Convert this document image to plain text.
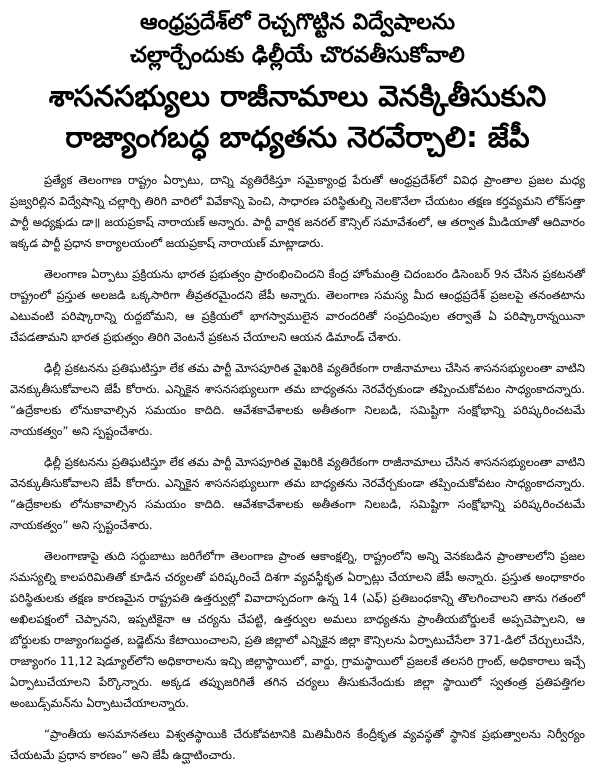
ఆంధ్రప్రదేశ్‌లో రెచ్చగొట్టిన విద్వేషాలను
చల్లార్చేందుకు ఢిల్లీయే చొరవతీసుకోవాలి
శాసనసభ్యులు రాజీనామాలు వెనక్కితీసుకుని
రాజ్యాంగబద్ధ బాధ్యతను నెరవేర్చాలి: జేపీ

ప్రత్యేక తెలంగాణ రాష్ట్రం ఏర్పాటు, దాన్ని వ్యతిరేకిస్తూ సమైక్యాంధ్ర పేరుతో ఆంధ్రప్రదేశ్‌లో వివిధ ప్రాంతాల ప్రజల మధ్య ప్రజ్వరిల్లిన విద్వేషాన్ని చల్లార్చి తిరిగి వారిలో వివేకాన్ని పెంచి, సాధారణ పరిస్థితుల్ని నెలకొనేలా చేయటం తక్షణ కర్తవ్యమని లోక్‌సత్తా పార్టీ అధ్యక్షుడు డా॥ జయప్రకాష్ నారాయణ్ అన్నారు. పార్టీ వార్షిక జనరల్ కౌన్సిల్ సమావేశంలో, ఆ తర్వాత మీడియాతో ఆదివారం ఇక్కడ పార్టీ ప్రధాన కార్యాలయంలో జయప్రకాష్ నారాయణ్ మాట్లాడారు.

తెలంగాణ ఏర్పాటు ప్రక్రియను భారత ప్రభుత్వం ప్రారంభించిందని కేంద్ర హోంమంత్రి చిదంబరం డిసెంబర్ 9న చేసిన ప్రకటనతో రాష్ట్రంలో ప్రస్తుత అలజడి ఒక్కసారిగా తీవ్రతరమైందని జేపీ అన్నారు. తెలంగాణ సమస్య మీద ఆంధ్రప్రదేశ్ ప్రజలపై తనంతటాను ఎటువంటి పరిష్కారాన్ని రుద్దబోమని, ఆ ప్రక్రియలో భాగస్వాములైన వారందరితో సంప్రదింపుల తర్వాతే ఏ పరిష్కారాన్నయినా చేపడతామని భారత ప్రభుత్వం తిరిగి వెంటనే ప్రకటన చేయాలని ఆయన డిమాండ్ చేశారు.

ఢిల్లీ ప్రకటనను ప్రతిఘటిస్తూ లేక తమ పార్టీ మోసపూరిత వైఖరికి వ్యతిరేకంగా రాజీనామాలు చేసిన శాసనసభ్యులంతా వాటిని వెనక్కుతీసుకోవాలని జేపీ కోరారు. ఎన్నికైన శాసనసభ్యులుగా తమ బాధ్యతను నెరవేర్చకుండా తప్పించుకోవటం సాధ్యంకాదన్నారు. “ఉద్రేకాలకు లోనుకావాల్సిన సమయం కాదిది. ఆవేశకావేశాలకు అతీతంగా నిలబడి, సమిష్టిగా సంక్షోభాన్ని పరిష్కరించటమే నాయకత్వం” అని స్పష్టంచేశారు.

ఢిల్లీ ప్రకటనను ప్రతిఘటిస్తూ లేక తమ పార్టీ మోసపూరిత వైఖరికి వ్యతిరేకంగా రాజీనామాలు చేసిన శాసనసభ్యులంతా వాటిని వెనక్కుతీసుకోవాలని జేపీ కోరారు. ఎన్నికైన శాసనసభ్యులుగా తమ బాధ్యతను నెరవేర్చకుండా తప్పించుకోవటం సాధ్యంకాదన్నారు. “ఉద్రేకాలకు లోనుకావాల్సిన సమయం కాదిది. ఆవేశకావేశాలకు అతీతంగా నిలబడి, సమిష్టిగా సంక్షోభాన్ని పరిష్కరించటమే నాయకత్వం” అని స్పష్టంచేశారు.

తెలంగాణాపై తుది సర్దుబాటు జరిగేలోగా తెలంగాణ ప్రాంత ఆకాంక్షల్ని, రాష్ట్రంలోని అన్ని వెనకబడిన ప్రాంతాలలోని ప్రజల సమస్యల్ని కాలపరిమితితో కూడిన చర్యలతో పరిష్కరించే దిశగా వ్యవస్థీకృత ఏర్పాట్లు చేయాలని జేపీ అన్నారు. ప్రస్తుత అంధాకారం పరిస్థితులకు తక్షణ కారణమైన రాష్ట్రపతి ఉత్తర్వుల్లో వివాదాస్పదంగా ఉన్న 14 (ఎఫ్) ప్రతిబంధకాన్ని తొలగించాలని తాను గతంలో అఖిలపక్షంలో చెప్పానని, ఇప్పటికైనా ఆ చర్యను చేపట్టి, ఉత్తర్వుల అమలు బాధ్యతను ప్రాంతీయబోర్డులకే అప్పచెప్పాలని, ఆ బోర్డులకు రాజ్యాంగబద్ధత, బడ్జెట్‌ను కేటాయించాలని, ప్రతి జిల్లాలో ఎన్నికైన జిల్లా కౌన్సిలను ఏర్పాటుచేసేలా 371-డిలో చేర్చులుచేసి, రాజ్యాంగం 11,12 షెడ్యూల్‌లోని అధికారాలను ఇచ్చి జిల్లాస్థాయిలో, వార్డు, గ్రామస్థాయిలో ప్రజలకే తలసరి గ్రాంట్, అధికారాలు ఇచ్చే ఏర్పాటుచేయాలని పేర్కొన్నారు. అక్కడ తప్పుజరిగితే తగిన చర్యలు తీసుకునేందుకు జిల్లా స్థాయిలో స్వతంత్ర ప్రతిపత్తిగల అంబుడ్స్‌మన్‌ను ఏర్పాటుచేయాలన్నారు.

“ప్రాంతీయ అసమానతలు విశ్వతస్థాయికి చేరుకోవటానికి మితిమీరిన కేంద్రీకృత వ్యవస్థతో స్థానిక ప్రభుత్వాలను నిర్వీర్యం చేయటమే ప్రధాన కారణం” అని జేపీ ఉద్ఘాటించారు.
